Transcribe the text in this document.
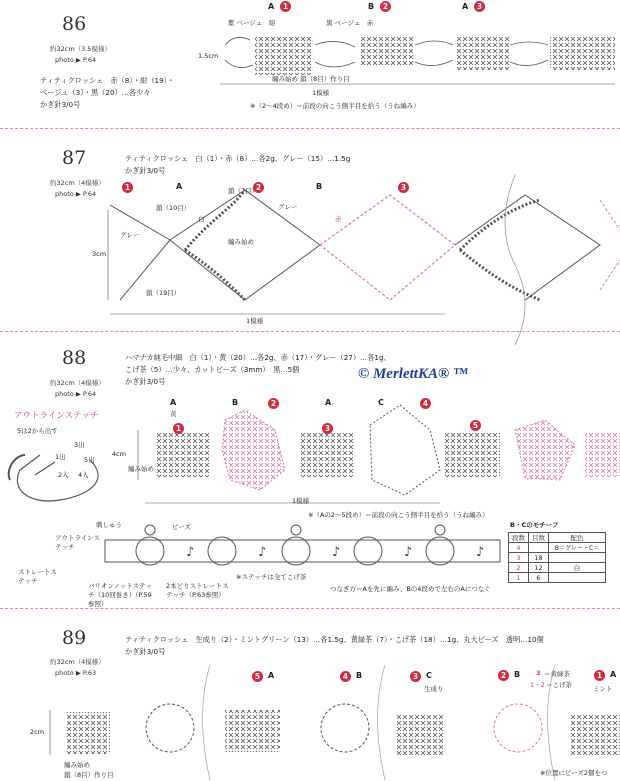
♪	♪	♪	♪	♪
86
約32cm（3.5模様）
photo ▶ P.64
ティティクロッシェ　赤（8）・紺（19）・
ベージュ（3）・黒（20）…各少々
かぎ針3/0号
紫 ベージュ　紺	黒 ベージュ　赤
A	1	B	2	A	3
1.5cm
編み始め 鎖（8目）作り目
1模様
※（2〜4段め）＝前段の向こう側半目を拾う（うね編み）
87
約32cm（4模様）
photo ▶ P.64
ティティクロッシェ　白（1）・赤（8）…各2g、グレー（15）…1.5g
かぎ針3/0号
1	A	2	B	3
鎖（10目）
鎖（7目）
グレー
グレー
白	赤
編み始め
鎖（19目）
3cm
1模様
88
約32cm（4模様）
photo ▶ P.64
ハマナカ純毛中細　白（1）・黄（20）…各2g、赤（17）・グレー（27）…各1g、
こげ茶（5）…少々、カットビーズ（3mm）　黒…5個
かぎ針3/0号	© MerlettKA® ™
アウトラインステッチ
5は2から出す
3出
5出
1出
2入 4入
A
黄
1
B	2	A
3
C	4
5
4cm
編み始め
1模様
※（Aの2〜5段め）＝前段の向こう側半目を拾う（うね編み）
刺しゅう	ビーズ
アウトラインステッチ
ストレートステッチ
バリオンノットステッチ（10回巻き）（P.59参照）
2本どりストレートステッチ（P.63参照）
※ステッチは全てこげ茶
つなぎ方＝Aを先に編み、Bの4段めで左右のAにつなぐ
B・Cのモチーフ
段数	目数	配色
4		B＝グレー・C＝
3	18	
2	12	白
1	6	
89
約32cm（4模様）
photo ▶ P.63
ティティクロッシェ　生成り（2）・ミントグリーン（13）…各1.5g、黄緑茶（7）・こげ茶（18）…1g、丸大ビーズ　透明…10個
かぎ針3/0号
5 A	4 B	3 C
生成り
2 B 3 ＝黄緑茶
1・2 ＝こげ茶
1 A
ミント
2cm
編み始め
鎖（8目）作り目	※位置にビーズ2個をつ
